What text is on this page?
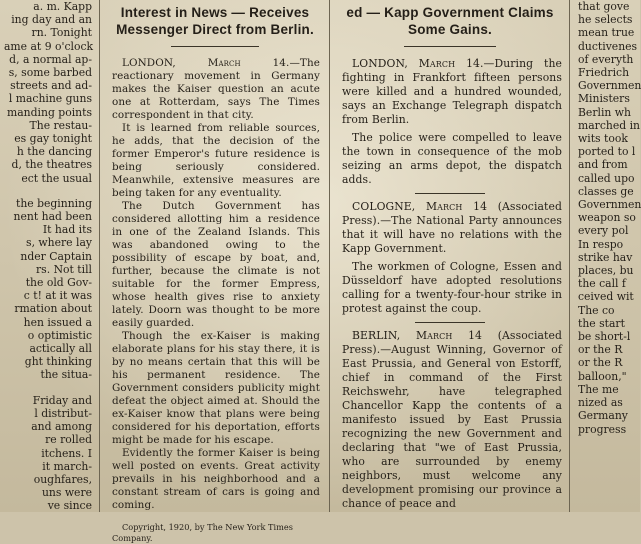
a. m. Kapp

ing day and an

rn. Tonight

ame at 9 o'clock

d, a normal ap-

s, some barbed

streets and ad-

l machine guns

manding points

The restau-

es gay tonight

h the dancing

d, the theatres

ect the usual

the beginning

nent had been

It had its

s, where lay

nder Captain

rs. Not till

the old Gov-

c t! at it was

rmation about

hen issued a

o optimistic

actically all

ght thinking

the situa-

Friday and

l distribut-

and among

re rolled

itchens. I

it march-

oughfares,

uns were

ve since

Interest in News — Receives Messenger Direct from Berlin.

LONDON, March 14.—The reactionary movement in Germany makes the Kaiser question an acute one at Rotterdam, says The Times correspondent in that city.

It is learned from reliable sources, he adds, that the decision of the former Emperor's future residence is being seriously considered. Meanwhile, extensive measures are being taken for any eventuality.

The Dutch Government has considered allotting him a residence in one of the Zealand Islands. This was abandoned owing to the possibility of escape by boat, and, further, because the climate is not suitable for the former Empress, whose health gives rise to anxiety lately. Doorn was thought to be more easily guarded.

Though the ex-Kaiser is making elaborate plans for his stay there, it is by no means certain that this will be his permanent residence. The Government considers publicity might defeat the object aimed at. Should the ex-Kaiser know that plans were being considered for his deportation, efforts might be made for his escape.

Evidently the former Kaiser is being well posted on events. Great activity prevails in his neighborhood and a constant stream of cars is going and coming.

Copyright, 1920, by The New York Times Company.

ed — Kapp Government Claims Some Gains.

LONDON, March 14.—During the fighting in Frankfort fifteen persons were killed and a hundred wounded, says an Exchange Telegraph dispatch from Berlin.

The police were compelled to leave the town in consequence of the mob seizing an arms depot, the dispatch adds.

COLOGNE, March 14 (Associated Press).—The National Party announces that it will have no relations with the Kapp Government.

The workmen of Cologne, Essen and Düsseldorf have adopted resolutions calling for a twenty-four-hour strike in protest against the coup.

BERLIN, March 14 (Associated Press).—August Winning, Governor of East Prussia, and General von Estorff, chief in command of the First Reichswehr, have telegraphed Chancellor Kapp the contents of a manifesto issued by East Prussia recognizing the new Government and declaring that "we of East Prussia, who are surrounded by enemy neighbors, must welcome any development promising our province a chance of peace and

that gove

he selects

mean true

ductivenes

of everyth

Friedrich

Governmen

Ministers

Berlin wh

marched in

wits took

ported to l

and from

called upo

classes ge

Governmen

weapon so

every pol

In respo

strike hav

places, bu

the call f

ceived wit

The co

the start

be short-l

or the R

or the R

balloon,"

The me

nized as

Germany

progress
